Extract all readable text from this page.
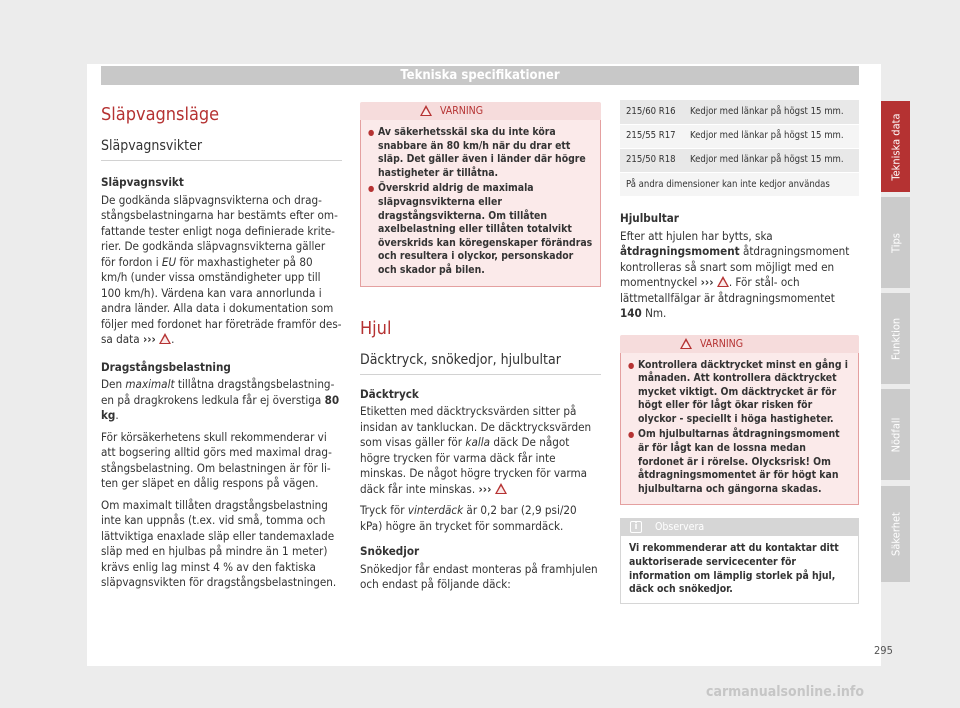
Tekniska specifikationer
Släpvagnsläge
Släpvagnsvikter
Släpvagnsvikt

De godkända släpvagnsvikterna och dragstångsbelastningarna har bestämts efter omfattande tester enligt noga definierade kriterier. De godkända släpvagnsvikterna gäller för fordon i EU för maxhastigheter på 80 km/h (under vissa omständigheter upp till 100 km/h). Värdena kan vara annorlunda i andra länder. Alla data i dokumentation som följer med fordonet har företräde framför dessa data ››› .

Dragstångsbelastning

Den maximalt tillåtna dragstångsbelastningen på dragkrokens ledkula får ej överstiga 80 kg.

För körsäkerhetens skull rekommenderar vi att bogsering alltid görs med maximal dragstångsbelastning. Om belastningen är för liten ger släpet en dålig respons på vägen.

Om maximalt tillåten dragstångsbelastning inte kan uppnås (t.ex. vid små, tomma och lättviktiga enaxlade släp eller tandemaxlade släp med en hjulbas på mindre än 1 meter) krävs enlig lag minst 4 % av den faktiska släpvagnsvikten för dragstångsbelastningen.

VARNING
● Av säkerhetsskäl ska du inte köra snabbare än 80 km/h när du drar ett släp. Det gäller även i länder där högre hastigheter är tillåtna.
● Överskrid aldrig de maximala släpvagnsvikterna eller dragstångsvikterna. Om tillåten axelbelastning eller tillåten totalvikt överskrids kan köregenskaper förändras och resultera i olyckor, personskador och skador på bilen.
Hjul
Däcktryck, snökedjor, hjulbultar
Däcktryck

Etiketten med däcktrycksvärden sitter på insidan av tankluckan. De däcktrycksvärden som visas gäller för kalla däck De något högre trycken för varma däck får inte minskas. De något högre trycken för varma däck får inte minskas. ›››

Tryck för vinterdäck är 0,2 bar (2,9 psi/20 kPa) högre än trycket för sommardäck.

Snökedjor

Snökedjor får endast monteras på framhjulen och endast på följande däck:

215/60 R16	Kedjor med länkar på högst 15 mm.
215/55 R17	Kedjor med länkar på högst 15 mm.
215/50 R18	Kedjor med länkar på högst 15 mm.
På andra dimensioner kan inte kedjor användas	
Hjulbultar

Efter att hjulen har bytts, ska åtdragningsmoment åtdragningsmoment kontrolleras så snart som möjligt med en momentnyckel ››› . För stål- och lättmetallfälgar är åtdragningsmomentet 140 Nm.

VARNING
● Kontrollera däcktrycket minst en gång i månaden. Att kontrollera däcktrycket mycket viktigt. Om däcktrycket är för högt eller för lågt ökar risken för olyckor - speciellt i höga hastigheter.
● Om hjulbultarnas åtdragningsmoment är för lågt kan de lossna medan fordonet är i rörelse. Olycksrisk! Om åtdragningsmomentet är för högt kan hjulbultarna och gängorna skadas.
i	Observera
Vi rekommenderar att du kontaktar ditt auktoriserade servicecenter för information om lämplig storlek på hjul, däck och snökedjor.
Tekniska data
Tips
Funktion
Nödfall
Säkerhet
295
carmanualsonline.info
